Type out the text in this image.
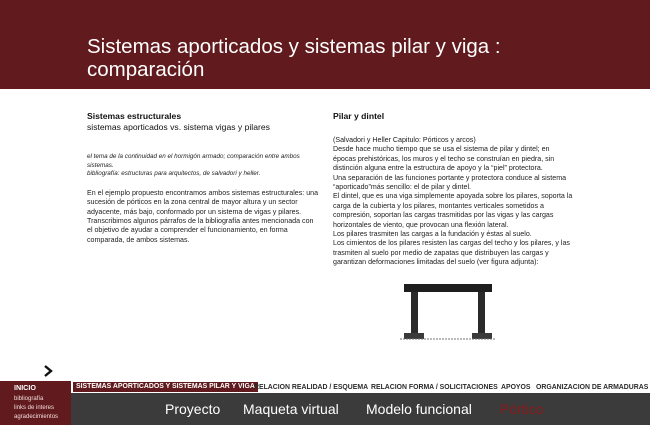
Sistemas aporticados y sistemas pilar y viga : comparación
Sistemas estructurales
sistemas aporticados vs. sistema vigas y pilares
el tema de la continuidad en el hormigón armado; comparación entre ambos sistemas.
bibliografía: estructuras para arquitectos, de salvadori y heller.

En el ejemplo propuesto encontramos ambos sistemas estructurales: una sucesión de pórticos en la zona central de mayor altura y un sector adyacente, más bajo, conformado por un sistema de vigas y pilares.

Transcribimos algunos párrafos de la bibliografía antes mencionada con el objetivo de ayudar a comprender el funcionamiento, en forma comparada, de ambos sistemas.

Pilar y dintel

(Salvadori y Heller Capitulo: Pórticos y arcos)

Desde hace mucho tiempo que se usa el sistema de pilar y dintel; en épocas prehistóricas, los muros y el techo se construían en piedra, sin distinción alguna entre la estructura de apoyo y la “piel” protectora.

Una separación de las funciones portante y protectora conduce al sistema “aporticado”más sencillo: el de pilar y dintel.

El dintel, que es una viga simplemente apoyada sobre los pilares, soporta la carga de la cubierta y los pilares, montantes verticales sometidos a compresión, soportan las cargas trasmitidas por las vigas y las cargas horizontales de viento, que provocan una flexión lateral.

Los pilares trasmiten las cargas a la fundación y éstas al suelo.

Los cimientos de los pilares resisten las cargas del techo y los pilares, y las trasmiten al suelo por medio de zapatas que distribuyen las cargas y garantizan deformaciones limitadas del suelo (ver figura adjunta):

INICIO
bibliografía
links de interes
agradecimientos
SISTEMAS APORTICADOS Y SISTEMAS PILAR Y VIGA RELACION REALIDAD / ESQUEMA RELACION FORMA / SOLICITACIONES APOYOS ORGANIZACION DE ARMADURAS
Proyecto Maqueta virtual Modelo funcional Pórtico
